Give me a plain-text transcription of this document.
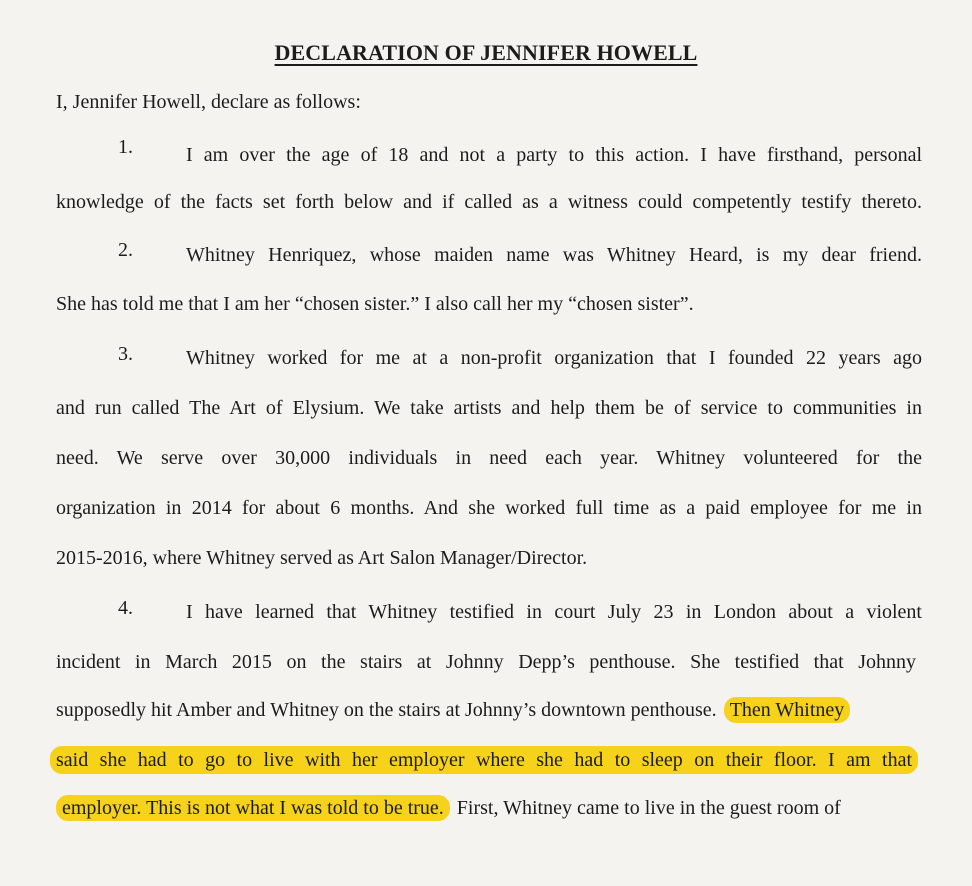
DECLARATION OF JENNIFER HOWELL
I, Jennifer Howell, declare as follows:
1.	I am over the age of 18 and not a party to this action. I have firsthand, personal
knowledge of the facts set forth below and if called as a witness could competently testify thereto.
2.	Whitney Henriquez, whose maiden name was Whitney Heard, is my dear friend.
She has told me that I am her “chosen sister.” I also call her my “chosen sister”.
3.	Whitney worked for me at a non-profit organization that I founded 22 years ago
and run called The Art of Elysium. We take artists and help them be of service to communities in
need. We serve over 30,000 individuals in need each year. Whitney volunteered for the
organization in 2014 for about 6 months. And she worked full time as a paid employee for me in
2015-2016, where Whitney served as Art Salon Manager/Director.
4.	I have learned that Whitney testified in court July 23 in London about a violent
incident in March 2015 on the stairs at Johnny Depp’s penthouse. She testified that Johnny
supposedly hit Amber and Whitney on the stairs at Johnny’s downtown penthouse. Then Whitney
said she had to go to live with her employer where she had to sleep on their floor. I am that
employer. This is not what I was told to be true. First, Whitney came to live in the guest room of
